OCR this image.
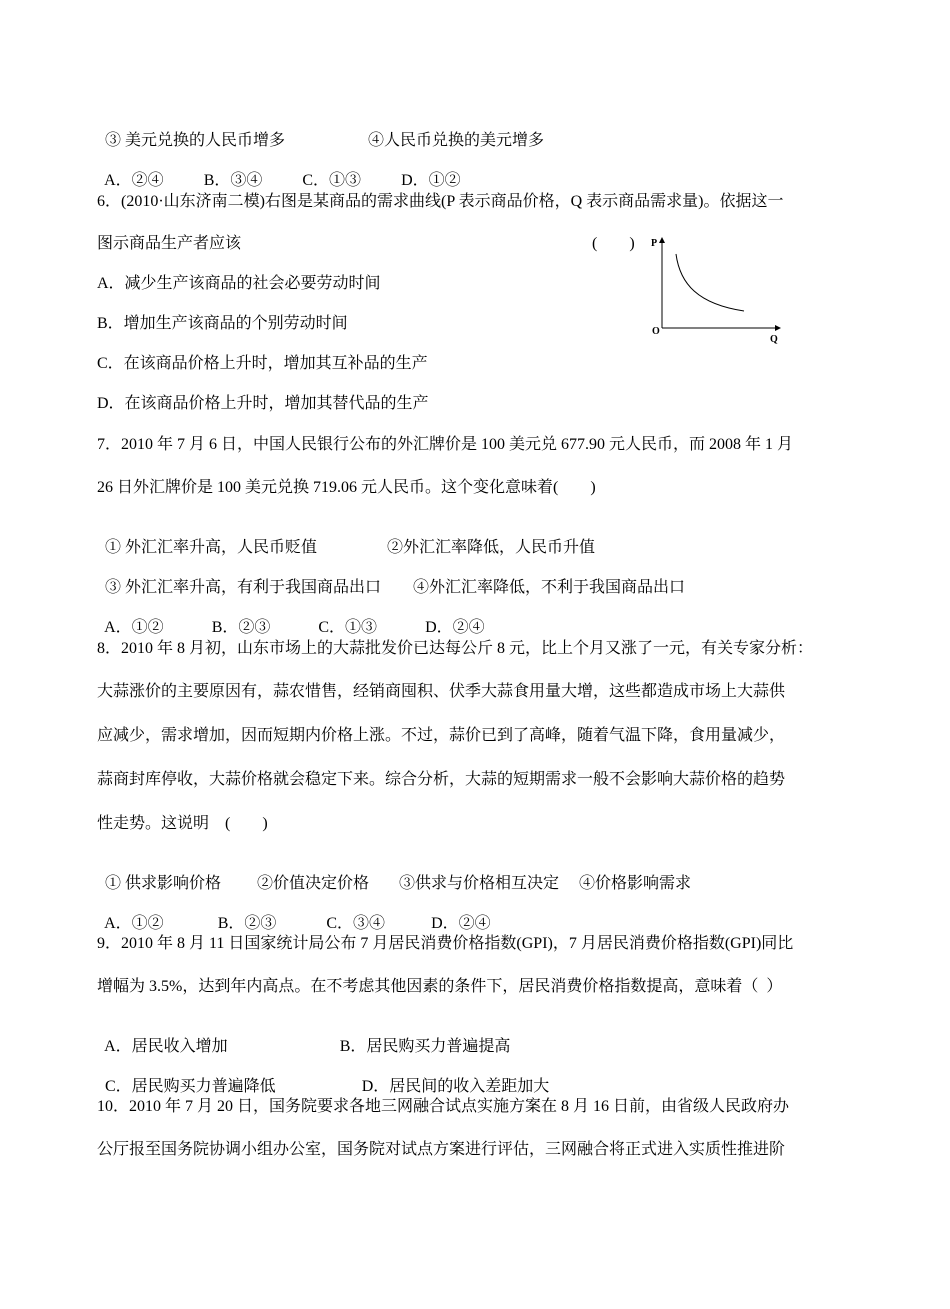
③ 美元兑换的人民币增多	④人民币兑换的美元增多

A．②④	B．③④	C．①③	D．①②

6．(2010·山东济南二模)右图是某商品的需求曲线(P 表示商品价格，Q 表示商品需求量)。依据这一
图示商品生产者应该	(　　)
A．减少生产该商品的社会必要劳动时间
B．增加生产该商品的个别劳动时间
C．在该商品价格上升时，增加其互补品的生产
D．在该商品价格上升时，增加其替代品的生产
P
O
Q
7．2010 年 7 月 6 日，中国人民银行公布的外汇牌价是 100 美元兑 677.90 元人民币，而 2008 年 1 月
26 日外汇牌价是 100 美元兑换 719.06 元人民币。这个变化意味着(　　)

① 外汇汇率升高，人民币贬值	②外汇汇率降低，人民币升值

③ 外汇汇率升高，有利于我国商品出口 ④外汇汇率降低，不利于我国商品出口

A．①②	B．②③	C．①③	D．②④

8．2010 年 8 月初，山东市场上的大蒜批发价已达每公斤 8 元，比上个月又涨了一元，有关专家分析：
大蒜涨价的主要原因有，蒜农惜售，经销商囤积、伏季大蒜食用量大增，这些都造成市场上大蒜供
应减少，需求增加，因而短期内价格上涨。不过，蒜价已到了高峰，随着气温下降，食用量减少，
蒜商封库停收，大蒜价格就会稳定下来。综合分析，大蒜的短期需求一般不会影响大蒜价格的趋势
性走势。这说明　(　　)

① 供求影响价格 ②价值决定价格 ③供求与价格相互决定 ④价格影响需求

A．①②	B．②③	C．③④	D．②④

9．2010 年 8 月 11 日国家统计局公布 7 月居民消费价格指数(GPI)，7 月居民消费价格指数(GPI)同比
增幅为 3.5%，达到年内高点。在不考虑其他因素的条件下，居民消费价格指数提高，意味着（  ）

A．居民收入增加	B．居民购买力普遍提高

C．居民购买力普遍降低	D．居民间的收入差距加大

10．2010 年 7 月 20 日，国务院要求各地三网融合试点实施方案在 8 月 16 日前，由省级人民政府办
公厅报至国务院协调小组办公室，国务院对试点方案进行评估，三网融合将正式进入实质性推进阶
